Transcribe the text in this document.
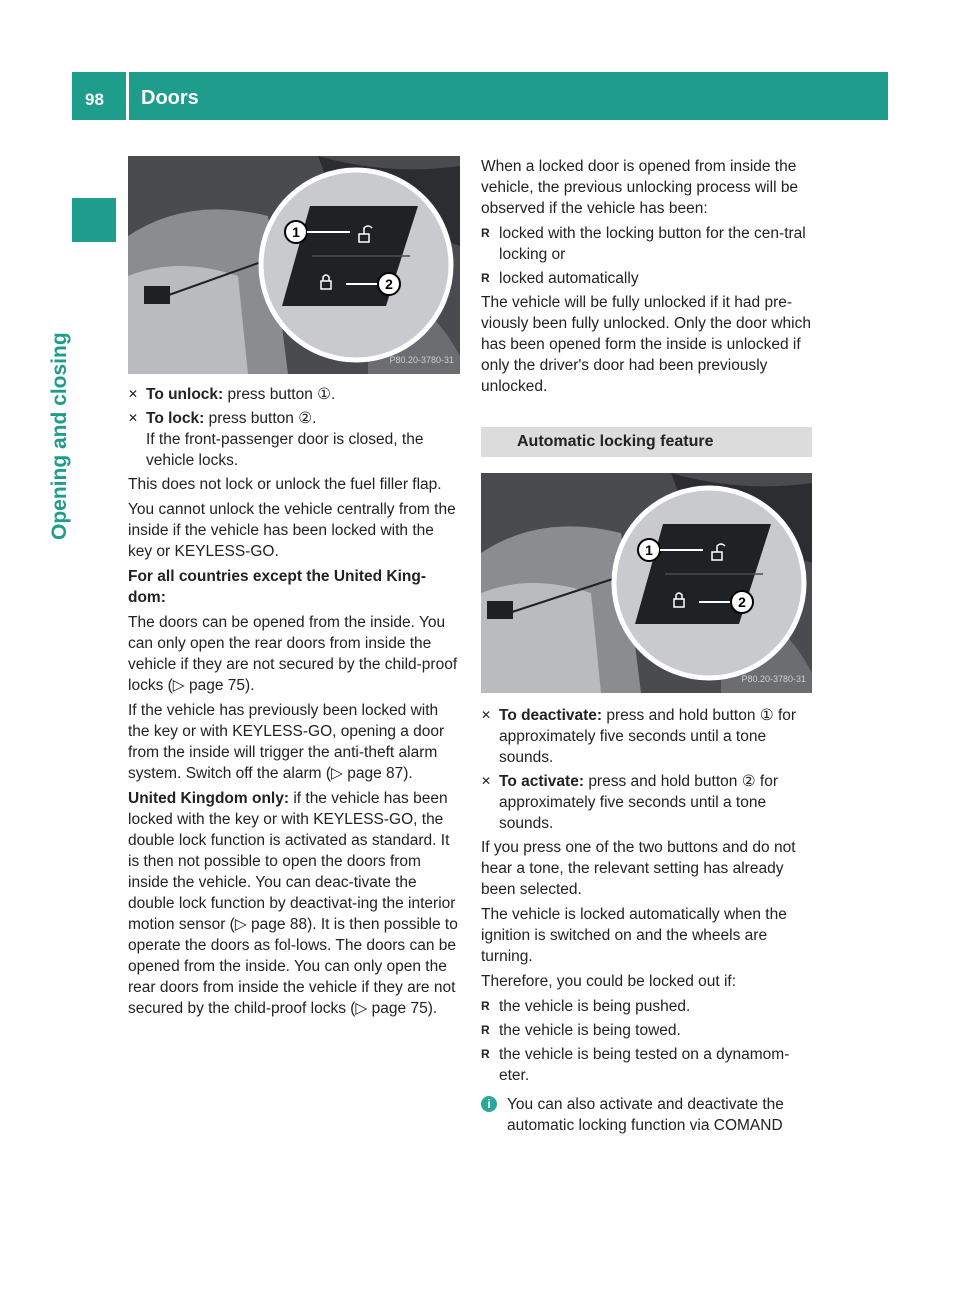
98 Doors
Opening and closing
1
2
P80.20-3780-31
✕ To unlock: press button ①.
✕ To lock: press button ②.
If the front-passenger door is closed, the vehicle locks.

This does not lock or unlock the fuel filler flap.

You cannot unlock the vehicle centrally from the inside if the vehicle has been locked with the key or KEYLESS-GO.

For all countries except the United King-dom:

The doors can be opened from the inside. You can only open the rear doors from inside the vehicle if they are not secured by the child-proof locks (▷ page 75).

If the vehicle has previously been locked with the key or with KEYLESS-GO, opening a door from the inside will trigger the anti-theft alarm system. Switch off the alarm (▷ page 87).

United Kingdom only: if the vehicle has been locked with the key or with KEYLESS-GO, the double lock function is activated as standard. It is then not possible to open the doors from inside the vehicle. You can deac-tivate the double lock function by deactivat-ing the interior motion sensor (▷ page 88). It is then possible to operate the doors as fol-lows. The doors can be opened from the inside. You can only open the rear doors from inside the vehicle if they are not secured by the child-proof locks (▷ page 75).

When a locked door is opened from inside the vehicle, the previous unlocking process will be observed if the vehicle has been:

R locked with the locking button for the cen-tral locking or
R locked automatically

The vehicle will be fully unlocked if it had pre-viously been fully unlocked. Only the door which has been opened form the inside is unlocked if only the driver's door had been previously unlocked.

Automatic locking feature
1
2
P80.20-3780-31
✕ To deactivate: press and hold button ① for approximately five seconds until a tone sounds.
✕ To activate: press and hold button ② for approximately five seconds until a tone sounds.

If you press one of the two buttons and do not hear a tone, the relevant setting has already been selected.

The vehicle is locked automatically when the ignition is switched on and the wheels are turning.

Therefore, you could be locked out if:

R the vehicle is being pushed.
R the vehicle is being towed.
R the vehicle is being tested on a dynamom-eter.
i	You can also activate and deactivate the automatic locking function via COMAND
